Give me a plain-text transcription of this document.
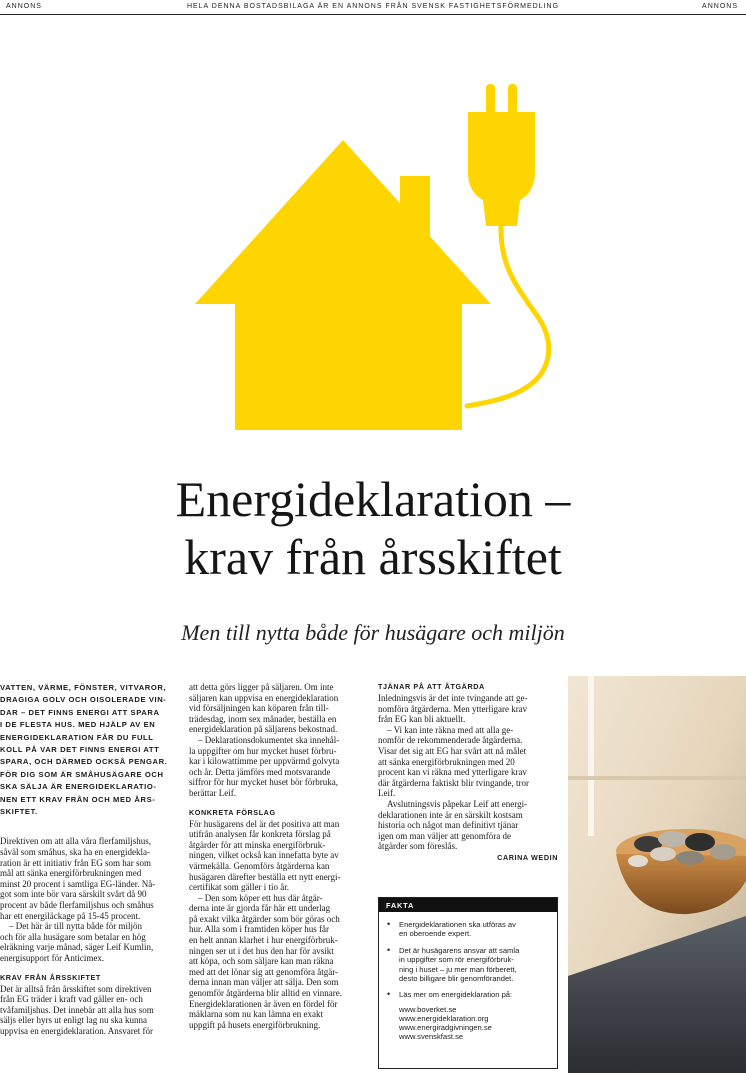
ANNONS	HELA DENNA BOSTADSBILAGA ÄR EN ANNONS FRÅN SVENSK FASTIGHETSFÖRMEDLING	ANNONS
Energideklaration –
krav från årsskiftet

Men till nytta både för husägare och miljön

VATTEN, VÄRME, FÖNSTER, VITVAROR,
DRAGIGA GOLV OCH OISOLERADE VIN-
DAR – DET FINNS ENERGI ATT SPARA
I DE FLESTA HUS. MED HJÄLP AV EN
ENERGIDEKLARATION FÅR DU FULL
KOLL PÅ VAR DET FINNS ENERGI ATT
SPARA, OCH DÄRMED OCKSÅ PENGAR.
FÖR DIG SOM ÄR SMÅHUSÄGARE OCH
SKA SÄLJA ÄR ENERGIDEKLARATIO-
NEN ETT KRAV FRÅN OCH MED ÅRS-
SKIFTET.

Direktiven om att alla våra flerfamiljshus,
såväl som småhus, ska ha en energidekla-
ration är ett initiativ från EG som har som
mål att sänka energiförbrukningen med
minst 20 procent i samtliga EG-länder. Nå-
got som inte bör vara särskilt svårt då 90
procent av både flerfamiljshus och småhus
har ett energiläckage på 15-45 procent.
 – Det här är till nytta både för miljön
och för alla husägare som betalar en hög
elräkning varje månad, säger Leif Kumlin,
energisupport för Anticimex.

KRAV FRÅN ÅRSSKIFTET

Det är alltså från årsskiftet som direktiven
från EG träder i kraft vad gäller en- och
tvåfamiljshus. Det innebär att alla hus som
säljs eller hyrs ut enligt lag nu ska kunna
uppvisa en energideklaration. Ansvaret för

att detta görs ligger på säljaren. Om inte
säljaren kan uppvisa en energideklaration
vid försäljningen kan köparen från till-
trädesdag, inom sex månader, beställa en
energideklaration på säljarens bekostnad.
 – Deklarationsdokumentet ska innehål-
la uppgifter om hur mycket huset förbru-
kar i kilowattimme per uppvärmd golvyta
och år. Detta jämförs med motsvarande
siffror för hur mycket huset bör förbruka,
berättar Leif.

KONKRETA FÖRSLAG

För husägarens del är det positiva att man
utifrån analysen får konkreta förslag på
åtgärder för att minska energiförbruk-
ningen, vilket också kan innefatta byte av
värmekälla. Genomförs åtgärderna kan
husägaren därefter beställa ett nytt energi-
certifikat som gäller i tio år.
 – Den som köper ett hus där åtgär-
derna inte är gjorda får här ett underlag
på exakt vilka åtgärder som bör göras och
hur. Alla som i framtiden köper hus får
en helt annan klarhet i hur energiförbruk-
ningen ser ut i det hus den har för avsikt
att köpa, och som säljare kan man räkna
med att det lönar sig att genomföra åtgär-
derna innan man väljer att sälja. Den som
genomför åtgärderna blir alltid en vinnare.
Energideklarationen är även en fördel för
mäklarna som nu kan lämna en exakt
uppgift på husets energiförbrukning.

TJÄNAR PÅ ATT ÅTGÄRDA

Inledningsvis är det inte tvingande att ge-
nomföra åtgärderna. Men ytterligare krav
från EG kan bli aktuellt.
 – Vi kan inte räkna med att alla ge-
nomför de rekommenderade åtgärderna.
Visar det sig att EG har svårt att nå målet
att sänka energiförbrukningen med 20
procent kan vi räkna med ytterligare krav
där åtgärderna faktiskt blir tvingande, tror
Leif.
 Avslutningsvis påpekar Leif att energi-
deklarationen inte är en särskilt kostsam
historia och något man definitivt tjänar
igen om man väljer att genomföra de
åtgärder som föreslås.

CARINA WEDIN
FAKTA
• Energideklarationen ska utföras av
en oberoende expert.
• Det är husägarens ansvar att samla
in uppgifter som rör energiförbruk-
ning i huset – ju mer man förberett,
desto billigare blir genomförandet.
• Läs mer om energideklaration på:
www.boverket.se
www.energideklaration.org
www.energiradgivningen.se
www.svenskfast.se
